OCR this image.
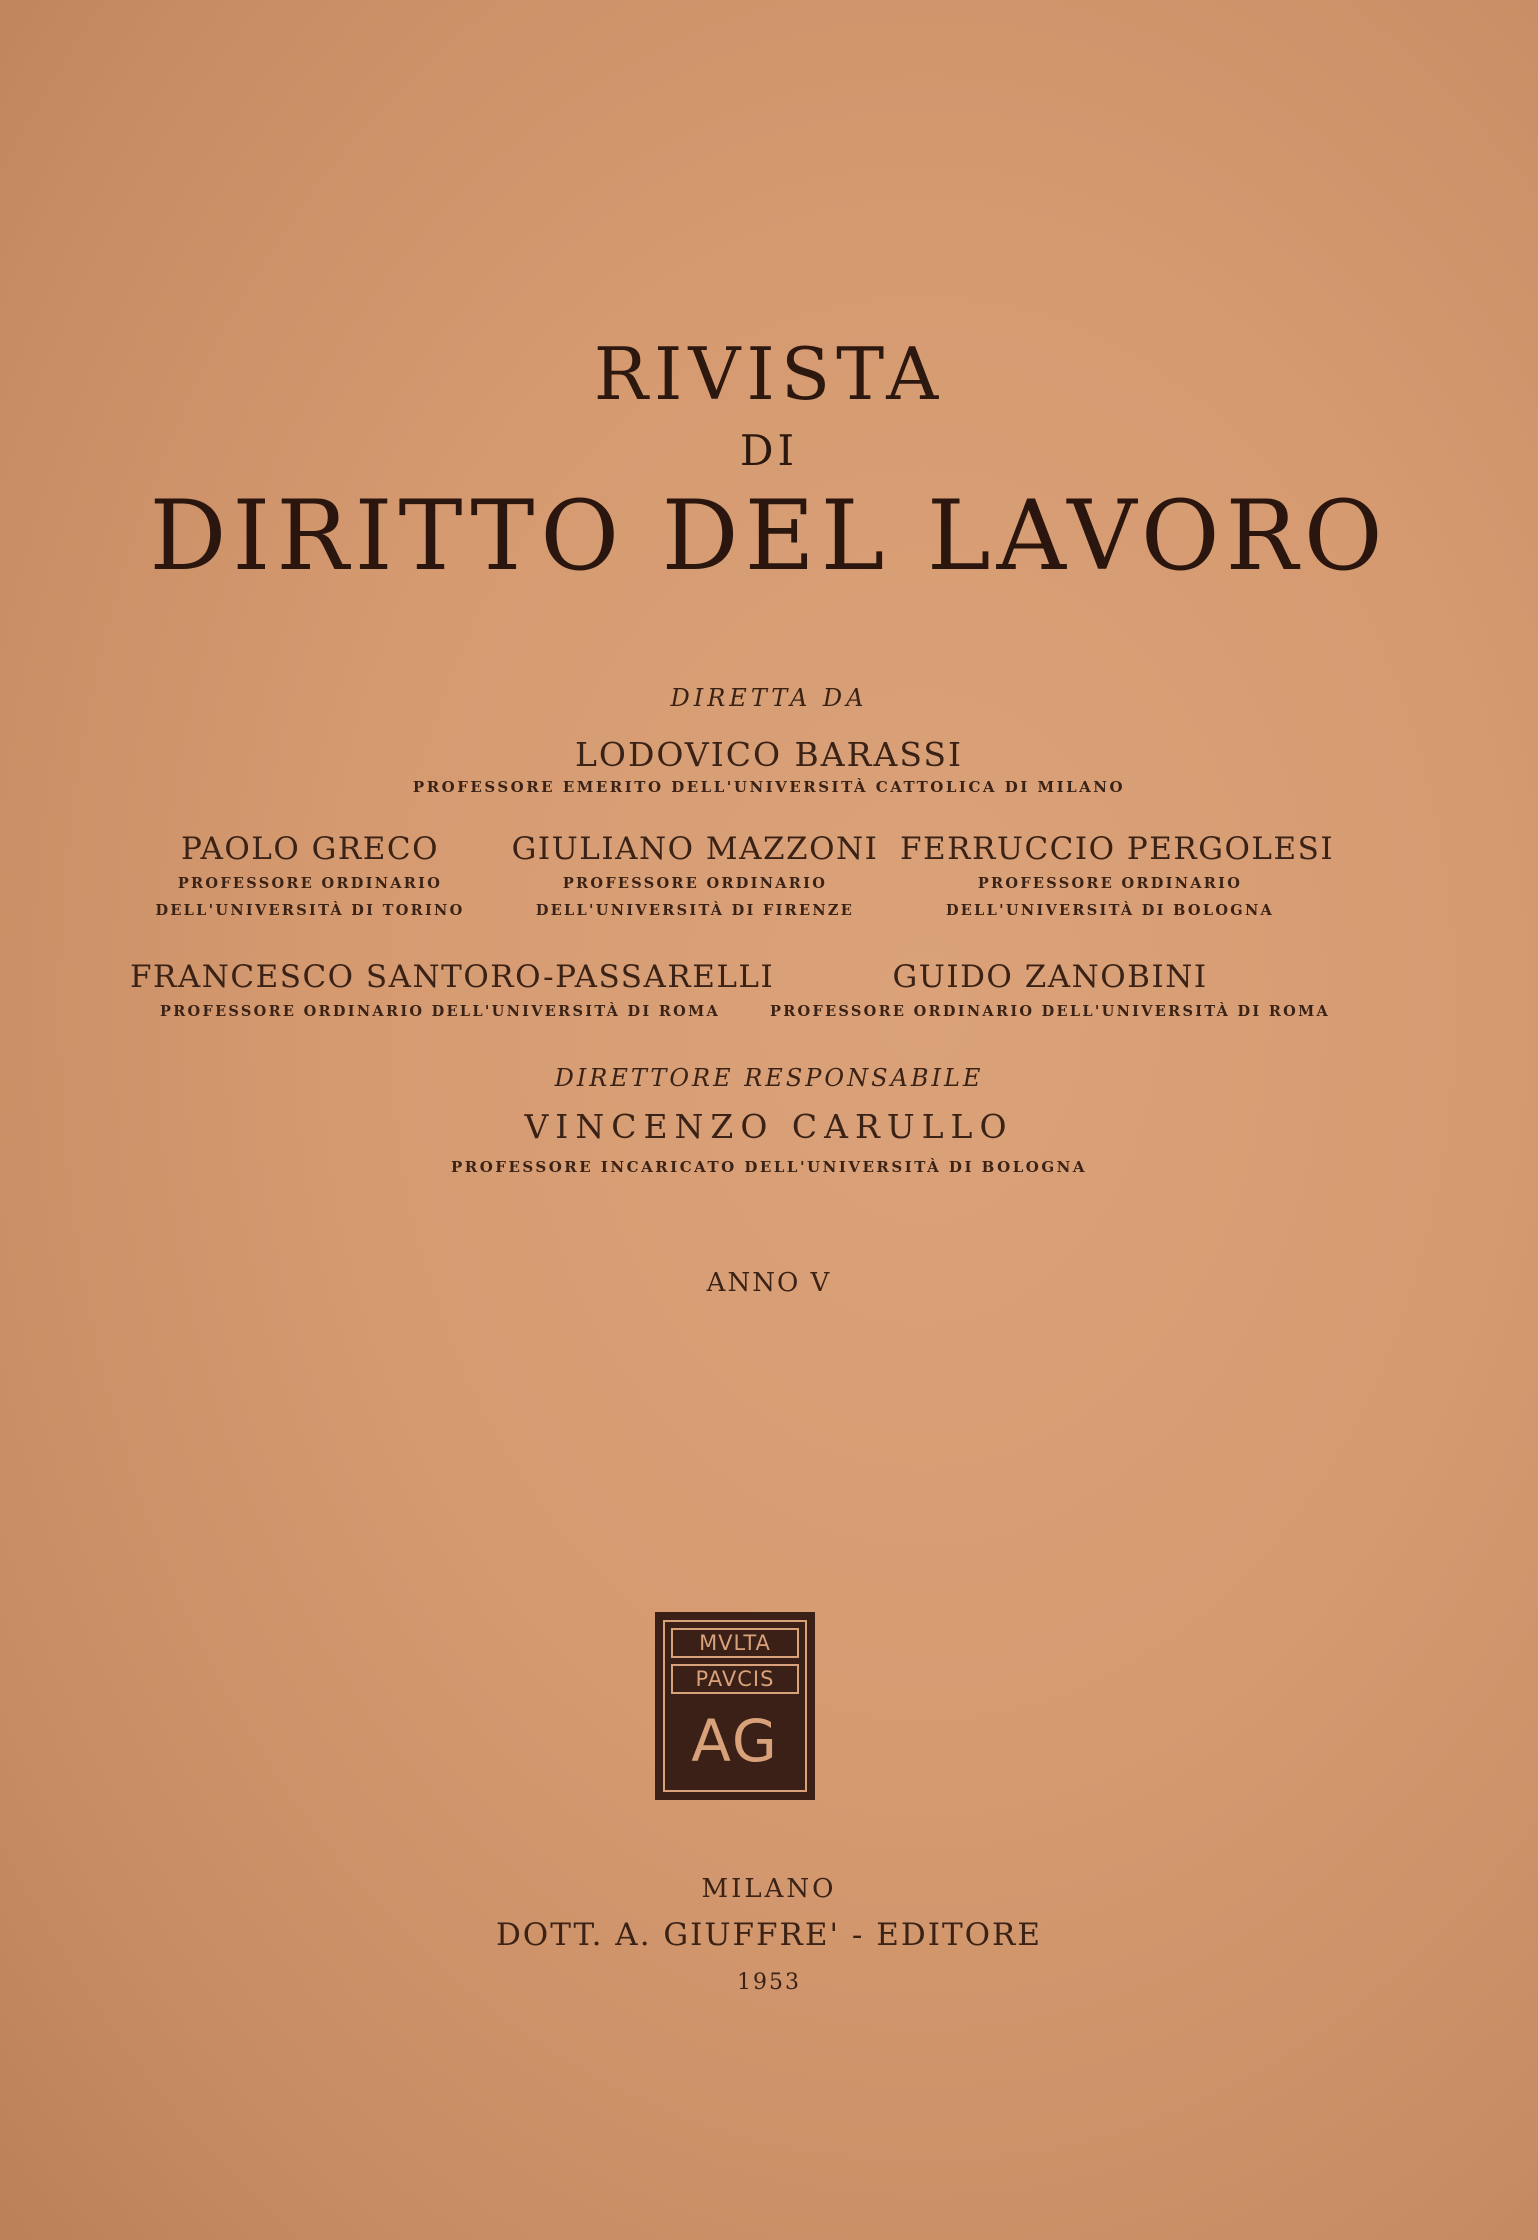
RIVISTA
DI
DIRITTO DEL LAVORO
DIRETTA DA
LODOVICO BARASSI
PROFESSORE EMERITO DELL'UNIVERSITÀ CATTOLICA DI MILANO
PAOLO GRECO
PROFESSORE ORDINARIO
DELL'UNIVERSITÀ DI TORINO
GIULIANO MAZZONI
PROFESSORE ORDINARIO
DELL'UNIVERSITÀ DI FIRENZE
FERRUCCIO PERGOLESI
PROFESSORE ORDINARIO
DELL'UNIVERSITÀ DI BOLOGNA
FRANCESCO SANTORO-PASSARELLI
PROFESSORE ORDINARIO DELL'UNIVERSITÀ DI ROMA
GUIDO ZANOBINI
PROFESSORE ORDINARIO DELL'UNIVERSITÀ DI ROMA
DIRETTORE RESPONSABILE
VINCENZO CARULLO
PROFESSORE INCARICATO DELL'UNIVERSITÀ DI BOLOGNA
ANNO V
MVLTA
PAVCIS
AG
MILANO
DOTT. A. GIUFFRE' - EDITORE
1953
